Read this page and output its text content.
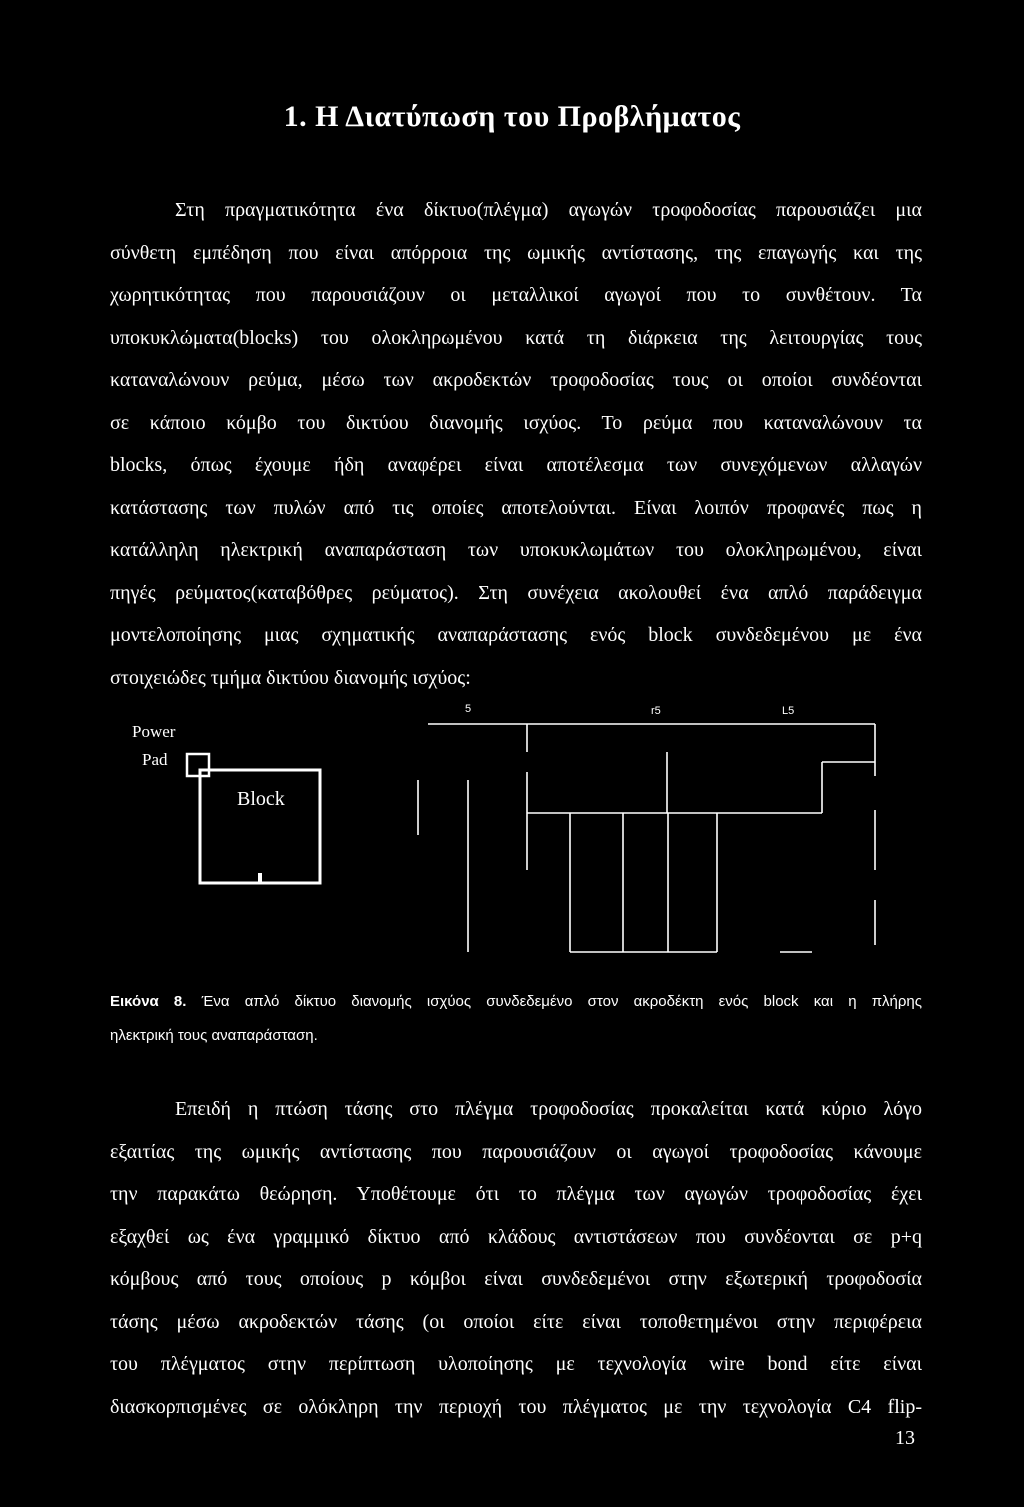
1. Η Διατύπωση του Προβλήματος
Στη πραγματικότητα ένα δίκτυο(πλέγμα) αγωγών τροφοδοσίας παρουσιάζει μια
σύνθετη εμπέδηση που είναι απόρροια της ωμικής αντίστασης, της επαγωγής και της
χωρητικότητας που παρουσιάζουν οι μεταλλικοί αγωγοί που το συνθέτουν. Τα
υποκυκλώματα(blocks) του ολοκληρωμένου κατά τη διάρκεια της λειτουργίας τους
καταναλώνουν ρεύμα, μέσω των ακροδεκτών τροφοδοσίας τους οι οποίοι συνδέονται
σε κάποιο κόμβο του δικτύου διανομής ισχύος. Το ρεύμα που καταναλώνουν τα
blocks, όπως έχουμε ήδη αναφέρει είναι αποτέλεσμα των συνεχόμενων αλλαγών
κατάστασης των πυλών από τις οποίες αποτελούνται. Είναι λοιπόν προφανές πως η
κατάλληλη ηλεκτρική αναπαράσταση των υποκυκλωμάτων του ολοκληρωμένου, είναι
πηγές ρεύματος(καταβόθρες ρεύματος). Στη συνέχεια ακολουθεί ένα απλό παράδειγμα
μοντελοποίησης μιας σχηματικής αναπαράστασης ενός block συνδεδεμένου με ένα
στοιχειώδες τμήμα δικτύου διανομής ισχύος:
Power
Pad
Block
5	r5	L5
Εικόνα 8. Ένα απλό δίκτυο διανομής ισχύος συνδεδεμένο στον ακροδέκτη ενός block και η πλήρης
ηλεκτρική τους αναπαράσταση.
Επειδή η πτώση τάσης στο πλέγμα τροφοδοσίας προκαλείται κατά κύριο λόγο
εξαιτίας της ωμικής αντίστασης που παρουσιάζουν οι αγωγοί τροφοδοσίας κάνουμε
την παρακάτω θεώρηση. Υποθέτουμε ότι το πλέγμα των αγωγών τροφοδοσίας έχει
εξαχθεί ως ένα γραμμικό δίκτυο από κλάδους αντιστάσεων που συνδέονται σε p+q
κόμβους από τους οποίους p κόμβοι είναι συνδεδεμένοι στην εξωτερική τροφοδοσία
τάσης μέσω ακροδεκτών τάσης (οι οποίοι είτε είναι τοποθετημένοι στην περιφέρεια
του πλέγματος στην περίπτωση υλοποίησης με τεχνολογία wire bond είτε είναι
διασκορπισμένες σε ολόκληρη την περιοχή του πλέγματος με την τεχνολογία C4 flip-
13
